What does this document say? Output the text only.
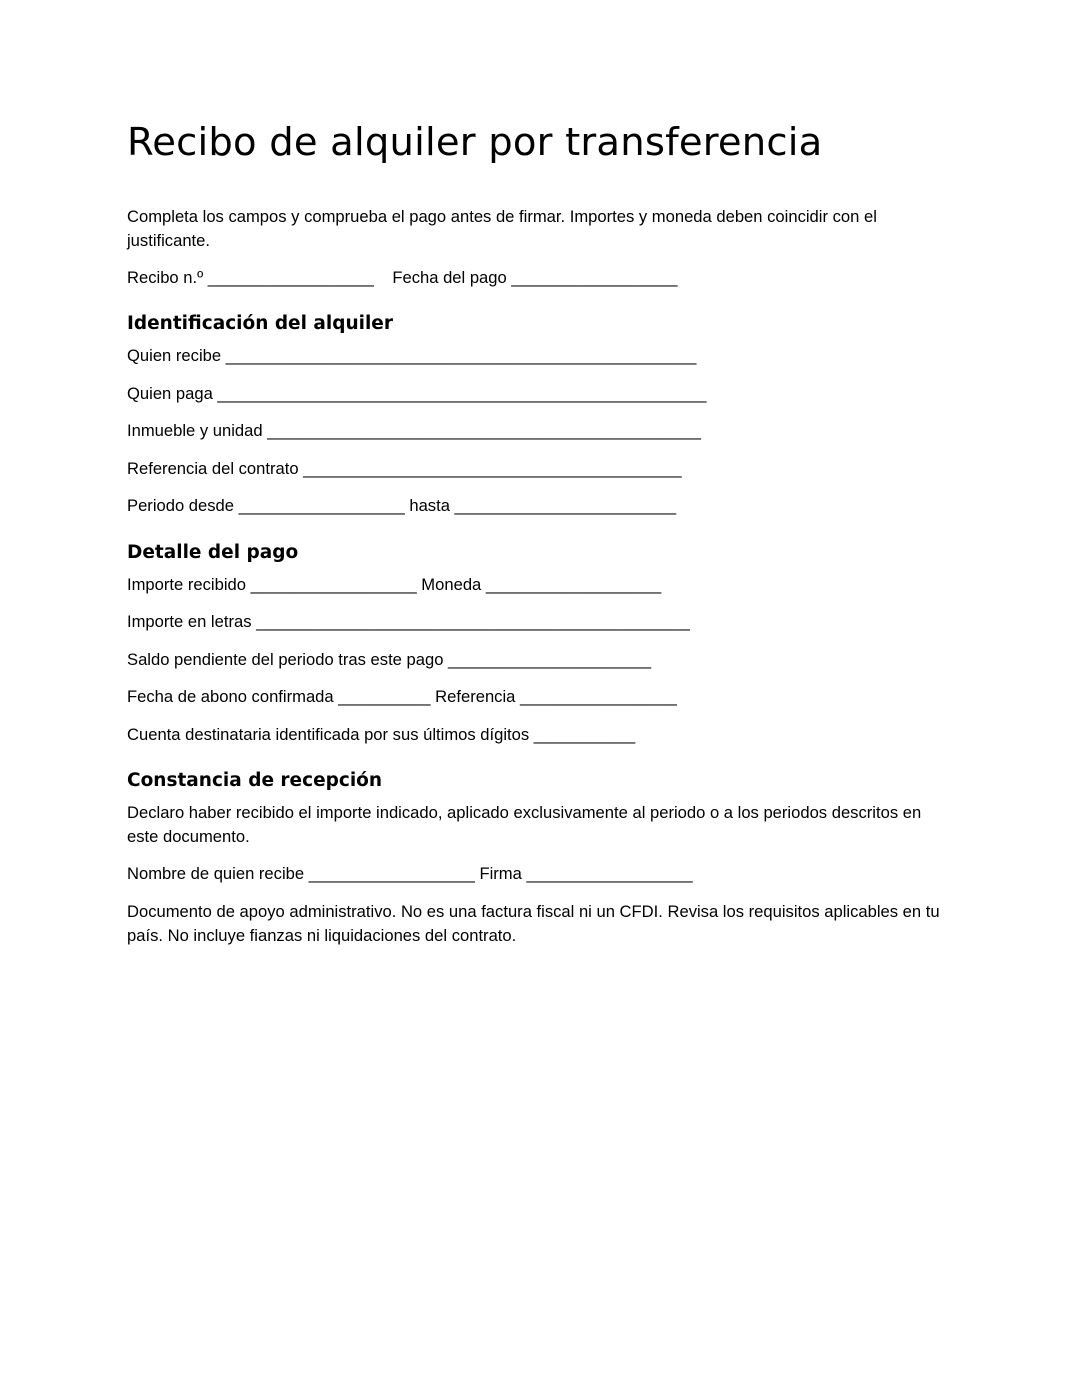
Recibo de alquiler por transferencia

Completa los campos y comprueba el pago antes de firmar. Importes y moneda deben coincidir con el justificante.

Recibo n.º __________________ Fecha del pago __________________

Identificación del alquiler

Quien recibe ___________________________________________________

Quien paga _____________________________________________________

Inmueble y unidad _______________________________________________

Referencia del contrato _________________________________________

Periodo desde __________________ hasta ________________________

Detalle del pago

Importe recibido __________________ Moneda ___________________

Importe en letras _______________________________________________

Saldo pendiente del periodo tras este pago ______________________

Fecha de abono confirmada __________ Referencia _________________

Cuenta destinataria identificada por sus últimos dígitos ___________

Constancia de recepción

Declaro haber recibido el importe indicado, aplicado exclusivamente al periodo o a los periodos descritos en este documento.

Nombre de quien recibe __________________ Firma __________________

Documento de apoyo administrativo. No es una factura fiscal ni un CFDI. Revisa los requisitos aplicables en tu país. No incluye fianzas ni liquidaciones del contrato.
